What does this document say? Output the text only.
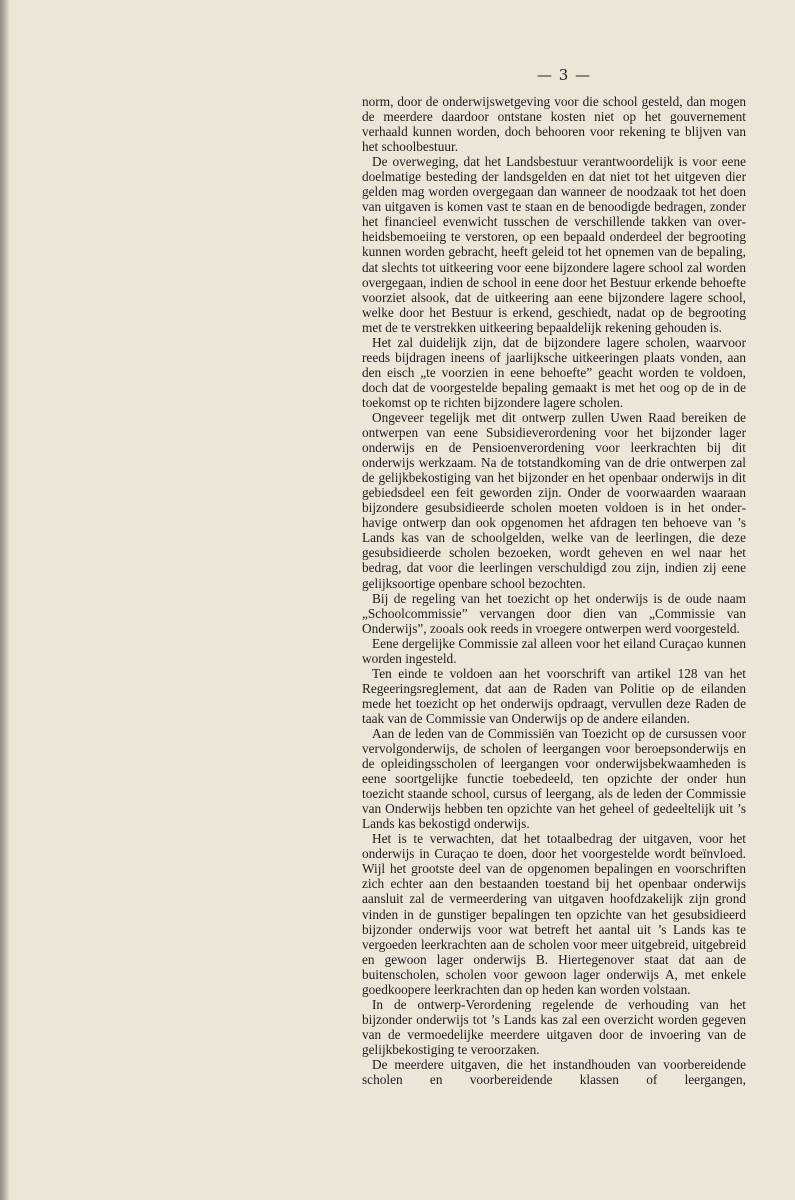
— 3 —

norm, door de onderwijswetgeving voor die school gesteld, dan mogen de meerdere daardoor ontstane kosten niet op het gouvernement verhaald kunnen worden, doch behooren voor rekening te blijven van het schoolbestuur.

De overweging, dat het Landsbestuur verantwoordelijk is voor eene doelmatige besteding der landsgelden en dat niet tot het uitgeven dier gelden mag worden overgegaan dan wanneer de noodzaak tot het doen van uitgaven is komen vast te staan en de benoodigde bedragen, zonder het financieel evenwicht tusschen de verschillende takken van overheidsbemoeiing te verstoren, op een bepaald onderdeel der begrooting kunnen worden gebracht, heeft geleid tot het opnemen van de bepaling, dat slechts tot uitkeering voor eene bijzondere lagere school zal worden overgegaan, indien de school in eene door het Bestuur erkende behoefte voorziet alsook, dat de uitkeering aan eene bijzondere lagere school, welke door het Bestuur is erkend, geschiedt, nadat op de begrooting met de te verstrekken uitkeering bepaaldelijk rekening gehouden is.

Het zal duidelijk zijn, dat de bijzondere lagere scholen, waarvoor reeds bijdragen ineens of jaarlijksche uitkeeringen plaats vonden, aan den eisch „te voorzien in eene behoefte” geacht worden te voldoen, doch dat de voorgestelde bepaling gemaakt is met het oog op de in de toekomst op te richten bijzondere lagere scholen.

Ongeveer tegelijk met dit ontwerp zullen Uwen Raad bereiken de ontwerpen van eene Subsidieverordening voor het bijzonder lager onderwijs en de Pensioenverordening voor leerkrachten bij dit onderwijs werkzaam. Na de totstandkoming van de drie ontwerpen zal de gelijkbekostiging van het bijzonder en het openbaar onderwijs in dit gebiedsdeel een feit geworden zijn. Onder de voorwaarden waaraan bijzondere gesubsidieerde scholen moeten voldoen is in het onderhavige ontwerp dan ook opgenomen het afdragen ten behoeve van ’s Lands kas van de schoolgelden, welke van de leerlingen, die deze gesubsidieerde scholen bezoeken, wordt geheven en wel naar het bedrag, dat voor die leerlingen verschuldigd zou zijn, indien zij eene gelijksoortige openbare school bezochten.

Bij de regeling van het toezicht op het onderwijs is de oude naam „Schoolcommissie” vervangen door dien van „Commissie van Onderwijs”, zooals ook reeds in vroegere ontwerpen werd voorgesteld.

Eene dergelijke Commissie zal alleen voor het eiland Curaçao kunnen worden ingesteld.

Ten einde te voldoen aan het voorschrift van artikel 128 van het Regeeringsreglement, dat aan de Raden van Politie op de eilanden mede het toezicht op het onderwijs opdraagt, vervullen deze Raden de taak van de Commissie van Onderwijs op de andere eilanden.

Aan de leden van de Commissiën van Toezicht op de cursussen voor vervolgonderwijs, de scholen of leergangen voor beroepsonderwijs en de opleidingsscholen of leergangen voor onderwijsbekwaamheden is eene soortgelijke functie toebedeeld, ten opzichte der onder hun toezicht staande school, cursus of leergang, als de leden der Commissie van Onderwijs hebben ten opzichte van het geheel of gedeeltelijk uit ’s Lands kas bekostigd onderwijs.

Het is te verwachten, dat het totaalbedrag der uitgaven, voor het onderwijs in Curaçao te doen, door het voorgestelde wordt beïnvloed. Wijl het grootste deel van de opgenomen bepalingen en voorschriften zich echter aan den bestaanden toestand bij het openbaar onderwijs aansluit zal de vermeerdering van uitgaven hoofdzakelijk zijn grond vinden in de gunstiger bepalingen ten opzichte van het gesubsidieerd bijzonder onderwijs voor wat betreft het aantal uit ’s Lands kas te vergoeden leerkrachten aan de scholen voor meer uitgebreid, uitgebreid en gewoon lager onderwijs B. Hiertegenover staat dat aan de buitenscholen, scholen voor gewoon lager onderwijs A, met enkele goedkoopere leerkrachten dan op heden kan worden volstaan.

In de ontwerp-Verordening regelende de verhouding van het bijzonder onderwijs tot ’s Lands kas zal een overzicht worden gegeven van de vermoedelijke meerdere uitgaven door de invoering van de gelijkbekostiging te veroorzaken.

De meerdere uitgaven, die het instandhouden van voorbereidende scholen en voorbereidende klassen of leergangen,
